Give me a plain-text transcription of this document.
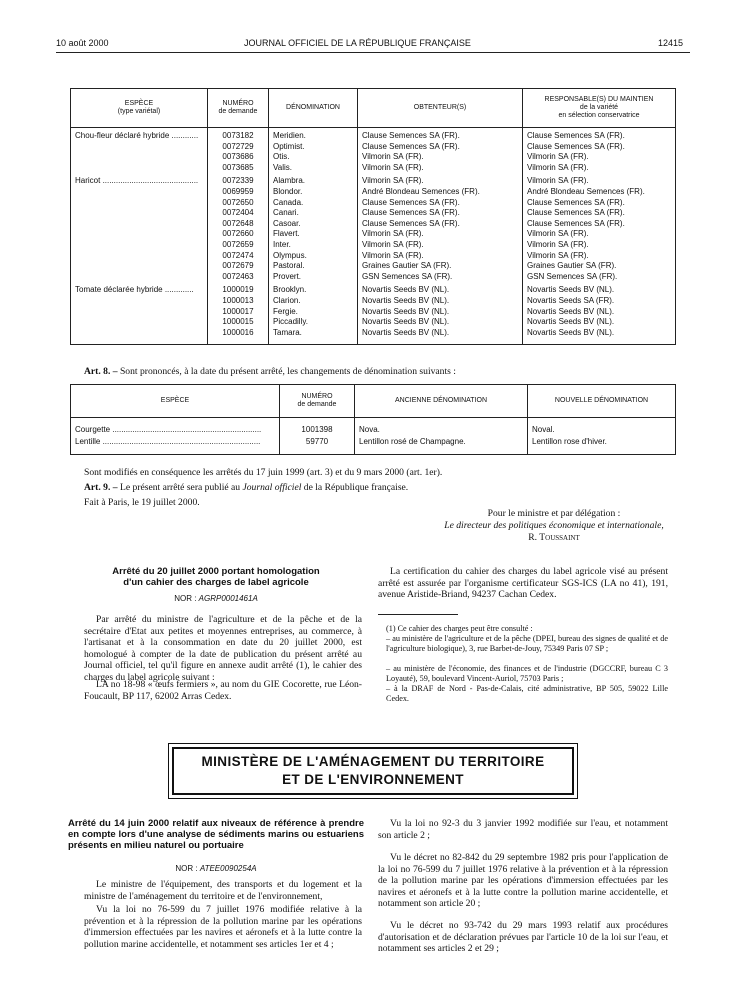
10 août 2000	JOURNAL OFFICIEL DE LA RÉPUBLIQUE FRANÇAISE	12415
ESPÈCE
(type variétal)	NUMÉRO
de demande	DÉNOMINATION	OBTENTEUR(S)	RESPONSABLE(S) DU MAINTIEN
de la variété
en sélection conservatrice
Chou-fleur déclaré hybride ............	0073182	Meridien.	Clause Semences SA (FR).	Clause Semences SA (FR).
	0072729	Optimist.	Clause Semences SA (FR).	Clause Semences SA (FR).
	0073686	Otis.	Vilmorin SA (FR).	Vilmorin SA (FR).
	0073685	Valis.	Vilmorin SA (FR).	Vilmorin SA (FR).
Haricot ...........................................	0072339	Alambra.	Vilmorin SA (FR).	Vilmorin SA (FR).
	0069959	Blondor.	André Blondeau Semences (FR).	André Blondeau Semences (FR).
	0072650	Canada.	Clause Semences SA (FR).	Clause Semences SA (FR).
	0072404	Canari.	Clause Semences SA (FR).	Clause Semences SA (FR).
	0072648	Casoar.	Clause Semences SA (FR).	Clause Semences SA (FR).
	0072660	Flavert.	Vilmorin SA (FR).	Vilmorin SA (FR).
	0072659	Inter.	Vilmorin SA (FR).	Vilmorin SA (FR).
	0072474	Olympus.	Vilmorin SA (FR).	Vilmorin SA (FR).
	0072679	Pastoral.	Graines Gautier SA (FR).	Graines Gautier SA (FR).
	0072463	Provert.	GSN Semences SA (FR).	GSN Semences SA (FR).
Tomate déclarée hybride .............	1000019	Brooklyn.	Novartis Seeds BV (NL).	Novartis Seeds BV (NL).
	1000013	Clarion.	Novartis Seeds BV (NL).	Novartis Seeds SA (FR).
	1000017	Fergie.	Novartis Seeds BV (NL).	Novartis Seeds BV (NL).
	1000015	Piccadilly.	Novartis Seeds BV (NL).	Novartis Seeds BV (NL).
	1000016	Tamara.	Novartis Seeds BV (NL).	Novartis Seeds BV (NL).

Art. 8. – Sont prononcés, à la date du présent arrêté, les changements de dénomination suivants :
ESPÈCE	NUMÉRO
de demande	ANCIENNE DÉNOMINATION	NOUVELLE DÉNOMINATION

Courgette ...................................................................	1001398	Nova.	Noval.
Lentille .......................................................................	59770	Lentillon rosé de Champagne.	Lentillon rose d'hiver.

Sont modifiés en conséquence les arrêtés du 17 juin 1999 (art. 3) et du 9 mars 2000 (art. 1er).
Art. 9. – Le présent arrêté sera publié au Journal officiel de la République française.
Fait à Paris, le 19 juillet 2000.
Pour le ministre et par délégation :
Le directeur des politiques économique et internationale,
R. Toussaint
Arrêté du 20 juillet 2000 portant homologation
d'un cahier des charges de label agricole
NOR : AGRP0001461A
Par arrêté du ministre de l'agriculture et de la pêche et de la secrétaire d'Etat aux petites et moyennes entreprises, au commerce, à l'artisanat et à la consommation en date du 20 juillet 2000, est homologué à compter de la date de publication du présent arrêté au Journal officiel, tel qu'il figure en annexe audit arrêté (1), le cahier des charges du label agricole suivant :
LA no 18-98 « œufs fermiers », au nom du GIE Cocorette, rue Léon-Foucault, BP 117, 62002 Arras Cedex.
La certification du cahier des charges du label agricole visé au présent arrêté est assurée par l'organisme certificateur SGS-ICS (LA no 41), 191, avenue Aristide-Briand, 94237 Cachan Cedex.
(1) Ce cahier des charges peut être consulté :
– au ministère de l'agriculture et de la pêche (DPEI, bureau des signes de qualité et de l'agriculture biologique), 3, rue Barbet-de-Jouy, 75349 Paris 07 SP ;
– au ministère de l'économie, des finances et de l'industrie (DGCCRF, bureau C 3 Loyauté), 59, boulevard Vincent-Auriol, 75703 Paris ;
– à la DRAF de Nord - Pas-de-Calais, cité administrative, BP 505, 59022 Lille Cedex.
MINISTÈRE DE L'AMÉNAGEMENT DU TERRITOIRE
ET DE L'ENVIRONNEMENT
Arrêté du 14 juin 2000 relatif aux niveaux de référence à prendre en compte lors d'une analyse de sédiments marins ou estuariens présents en milieu naturel ou portuaire
NOR : ATEE0090254A
Le ministre de l'équipement, des transports et du logement et la ministre de l'aménagement du territoire et de l'environnement,
Vu la loi no 76-599 du 7 juillet 1976 modifiée relative à la prévention et à la répression de la pollution marine par les opérations d'immersion effectuées par les navires et aéronefs et à la lutte contre la pollution marine accidentelle, et notamment ses articles 1er et 4 ;
Vu la loi no 92-3 du 3 janvier 1992 modifiée sur l'eau, et notamment son article 2 ;
Vu le décret no 82-842 du 29 septembre 1982 pris pour l'application de la loi no 76-599 du 7 juillet 1976 relative à la prévention et à la répression de la pollution marine par les opérations d'immersion effectuées par les navires et aéronefs et à la lutte contre la pollution marine accidentelle, et notamment son article 20 ;
Vu le décret no 93-742 du 29 mars 1993 relatif aux procédures d'autorisation et de déclaration prévues par l'article 10 de la loi sur l'eau, et notamment ses articles 2 et 29 ;
